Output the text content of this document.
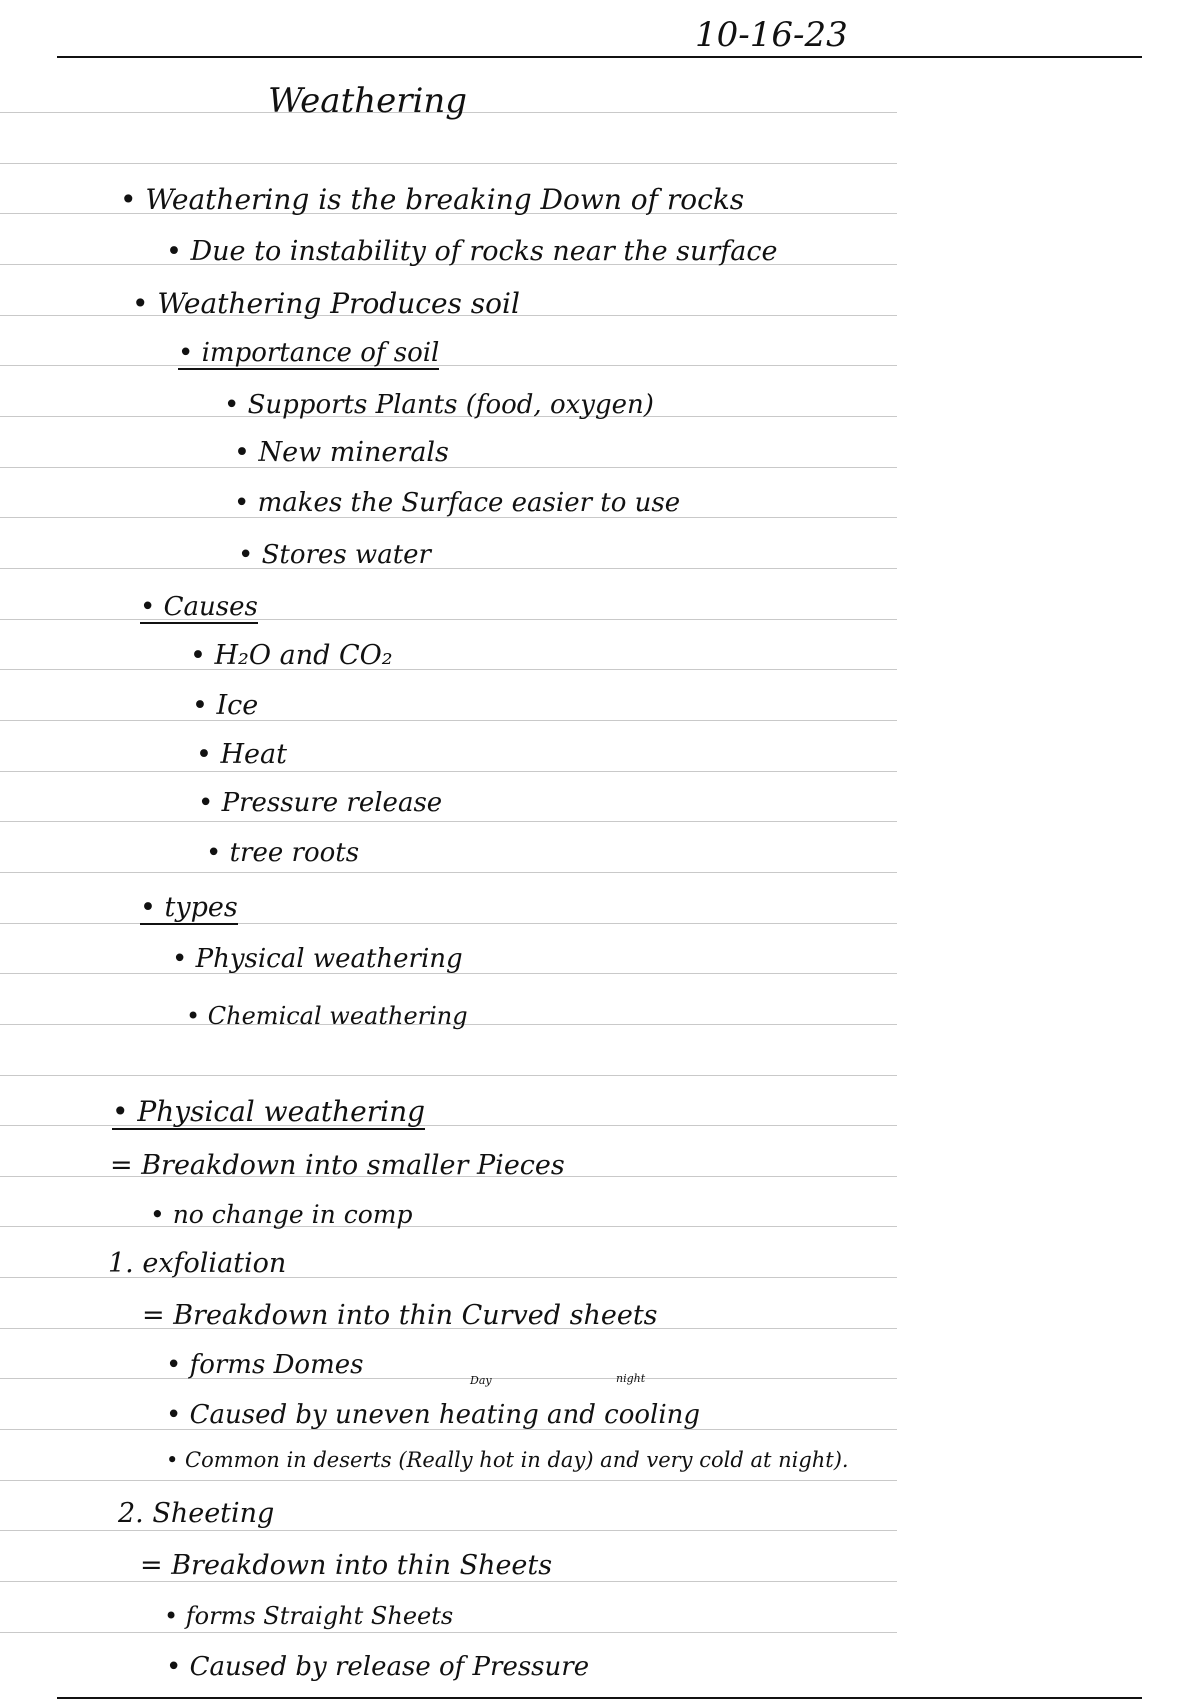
10-16-23
Weathering
• Weathering is the breaking Down of rocks
• Due to instability of rocks near the surface
• Weathering Produces soil
• importance of soil
• Supports Plants (food, oxygen)
• New minerals
• makes the Surface easier to use
• Stores water
• Causes
• H₂O and CO₂
• Ice
• Heat
• Pressure release
• tree roots
• types
• Physical weathering
• Chemical weathering
• Physical weathering
= Breakdown into smaller Pieces
• no change in comp
1. exfoliation
= Breakdown into thin Curved sheets
• forms Domes
Day	night
• Caused by uneven heating and cooling
• Common in deserts (Really hot in day) and very cold at night).
2. Sheeting
= Breakdown into thin Sheets
• forms Straight Sheets
• Caused by release of Pressure
